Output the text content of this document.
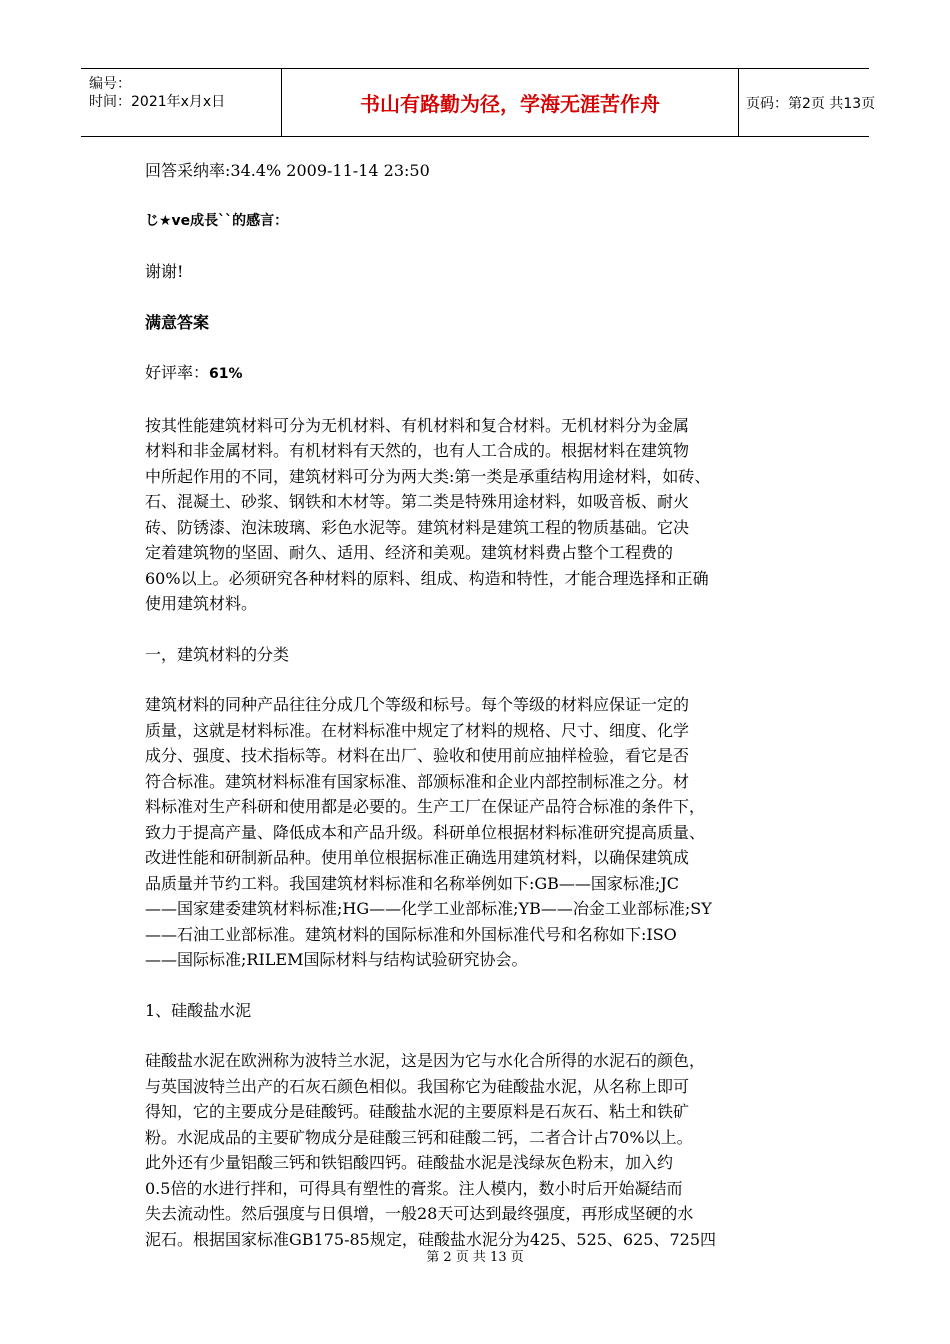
编号：
时间：2021年x月x日	书山有路勤为径，学海无涯苦作舟	页码：第2页 共13页

回答采纳率:34.4% 2009-11-14 23:50

じ★ve成長``的感言：

谢谢!

满意答案

好评率：61%

按其性能建筑材料可分为无机材料、有机材料和复合材料。无机材料分为金属

材料和非金属材料。有机材料有天然的，也有人工合成的。根据材料在建筑物

中所起作用的不同，建筑材料可分为两大类:第一类是承重结构用途材料，如砖、

石、混凝土、砂浆、钢铁和木材等。第二类是特殊用途材料，如吸音板、耐火

砖、防锈漆、泡沫玻璃、彩色水泥等。建筑材料是建筑工程的物质基础。它决

定着建筑物的坚固、耐久、适用、经济和美观。建筑材料费占整个工程费的

60%以上。必须研究各种材料的原料、组成、构造和特性，才能合理选择和正确

使用建筑材料。

一，建筑材料的分类

建筑材料的同种产品往往分成几个等级和标号。每个等级的材料应保证一定的

质量，这就是材料标准。在材料标准中规定了材料的规格、尺寸、细度、化学

成分、强度、技术指标等。材料在出厂、验收和使用前应抽样检验，看它是否

符合标准。建筑材料标准有国家标准、部颁标准和企业内部控制标准之分。材

料标准对生产科研和使用都是必要的。生产工厂在保证产品符合标准的条件下，

致力于提高产量、降低成本和产品升级。科研单位根据材料标准研究提高质量、

改进性能和研制新品种。使用单位根据标准正确选用建筑材料，以确保建筑成

品质量并节约工料。我国建筑材料标准和名称举例如下:GB——国家标准;JC

——国家建委建筑材料标准;HG——化学工业部标准;YB——冶金工业部标准;SY

——石油工业部标准。建筑材料的国际标准和外国标准代号和名称如下:ISO

——国际标准;RILEM国际材料与结构试验研究协会。

1、硅酸盐水泥

硅酸盐水泥在欧洲称为波特兰水泥，这是因为它与水化合所得的水泥石的颜色，

与英国波特兰出产的石灰石颜色相似。我国称它为硅酸盐水泥，从名称上即可

得知，它的主要成分是硅酸钙。硅酸盐水泥的主要原料是石灰石、粘土和铁矿

粉。水泥成品的主要矿物成分是硅酸三钙和硅酸二钙，二者合计占70%以上。

此外还有少量铝酸三钙和铁铝酸四钙。硅酸盐水泥是浅绿灰色粉末，加入约

0.5倍的水进行拌和，可得具有塑性的膏浆。注人模内，数小时后开始凝结而

失去流动性。然后强度与日俱增，一般28天可达到最终强度，再形成坚硬的水

泥石。根据国家标准GB175-85规定，硅酸盐水泥分为425、525、625、725四

第 2 页 共 13 页
